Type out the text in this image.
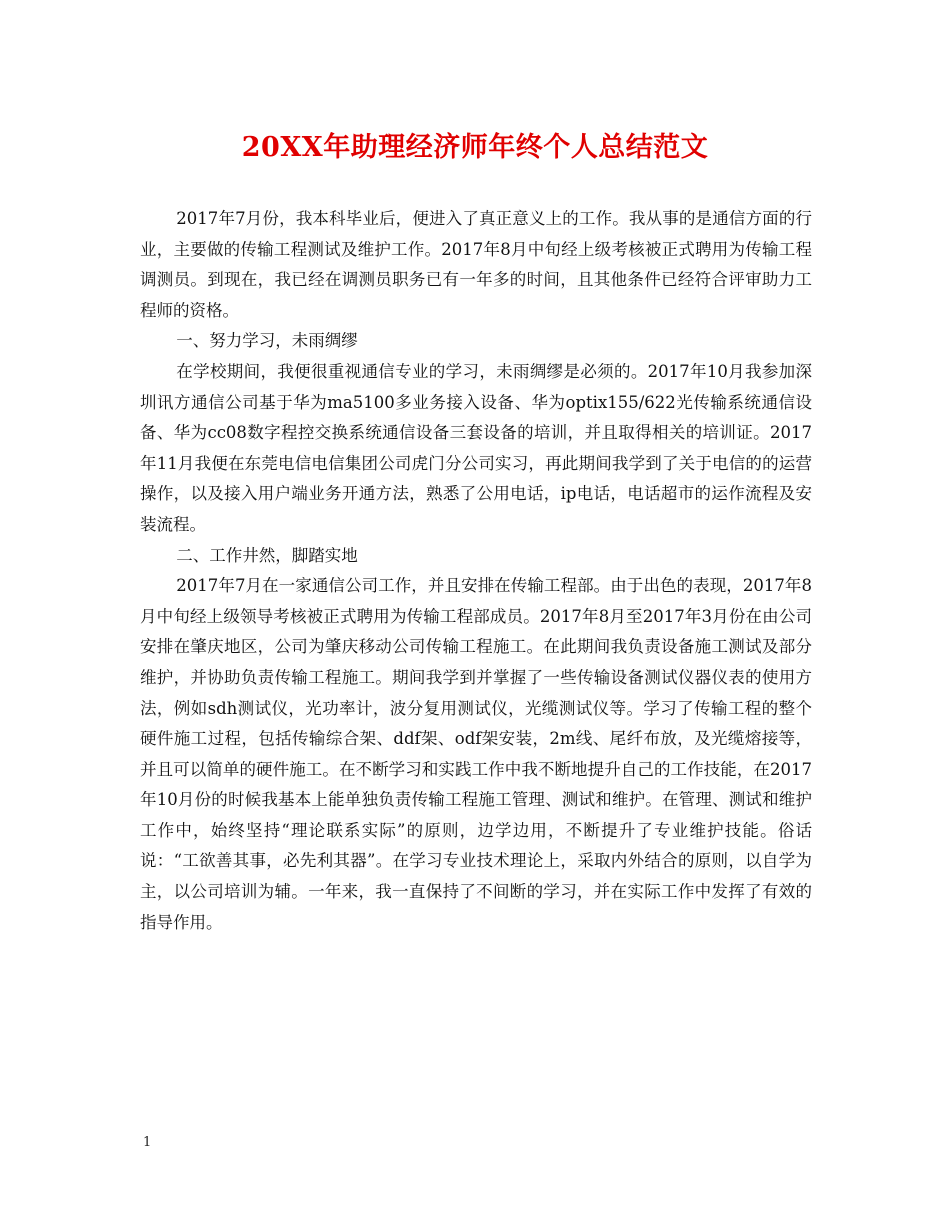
20XX年助理经济师年终个人总结范文

2017年7月份，我本科毕业后，便进入了真正意义上的工作。我从事的是通信方面的行业，主要做的传输工程测试及维护工作。2017年8月中旬经上级考核被正式聘用为传输工程调测员。到现在，我已经在调测员职务已有一年多的时间，且其他条件已经符合评审助力工程师的资格。

一、努力学习，未雨绸缪

在学校期间，我便很重视通信专业的学习，未雨绸缪是必须的。2017年10月我参加深圳讯方通信公司基于华为ma5100多业务接入设备、华为optix155/622光传输系统通信设备、华为cc08数字程控交换系统通信设备三套设备的培训，并且取得相关的培训证。2017年11月我便在东莞电信电信集团公司虎门分公司实习，再此期间我学到了关于电信的的运营操作，以及接入用户端业务开通方法，熟悉了公用电话，ip电话，电话超市的运作流程及安装流程。

二、工作井然，脚踏实地

2017年7月在一家通信公司工作，并且安排在传输工程部。由于出色的表现，2017年8月中旬经上级领导考核被正式聘用为传输工程部成员。2017年8月至2017年3月份在由公司安排在肇庆地区，公司为肇庆移动公司传输工程施工。在此期间我负责设备施工测试及部分维护，并协助负责传输工程施工。期间我学到并掌握了一些传输设备测试仪器仪表的使用方法，例如sdh测试仪，光功率计，波分复用测试仪，光缆测试仪等。学习了传输工程的整个硬件施工过程，包括传输综合架、ddf架、odf架安装，2m线、尾纤布放，及光缆熔接等，并且可以简单的硬件施工。在不断学习和实践工作中我不断地提升自己的工作技能，在2017年10月份的时候我基本上能单独负责传输工程施工管理、测试和维护。在管理、测试和维护工作中，始终坚持“理论联系实际”的原则，边学边用，不断提升了专业维护技能。俗话说：“工欲善其事，必先利其器”。在学习专业技术理论上，采取内外结合的原则，以自学为主，以公司培训为辅。一年来，我一直保持了不间断的学习，并在实际工作中发挥了有效的指导作用。

1
